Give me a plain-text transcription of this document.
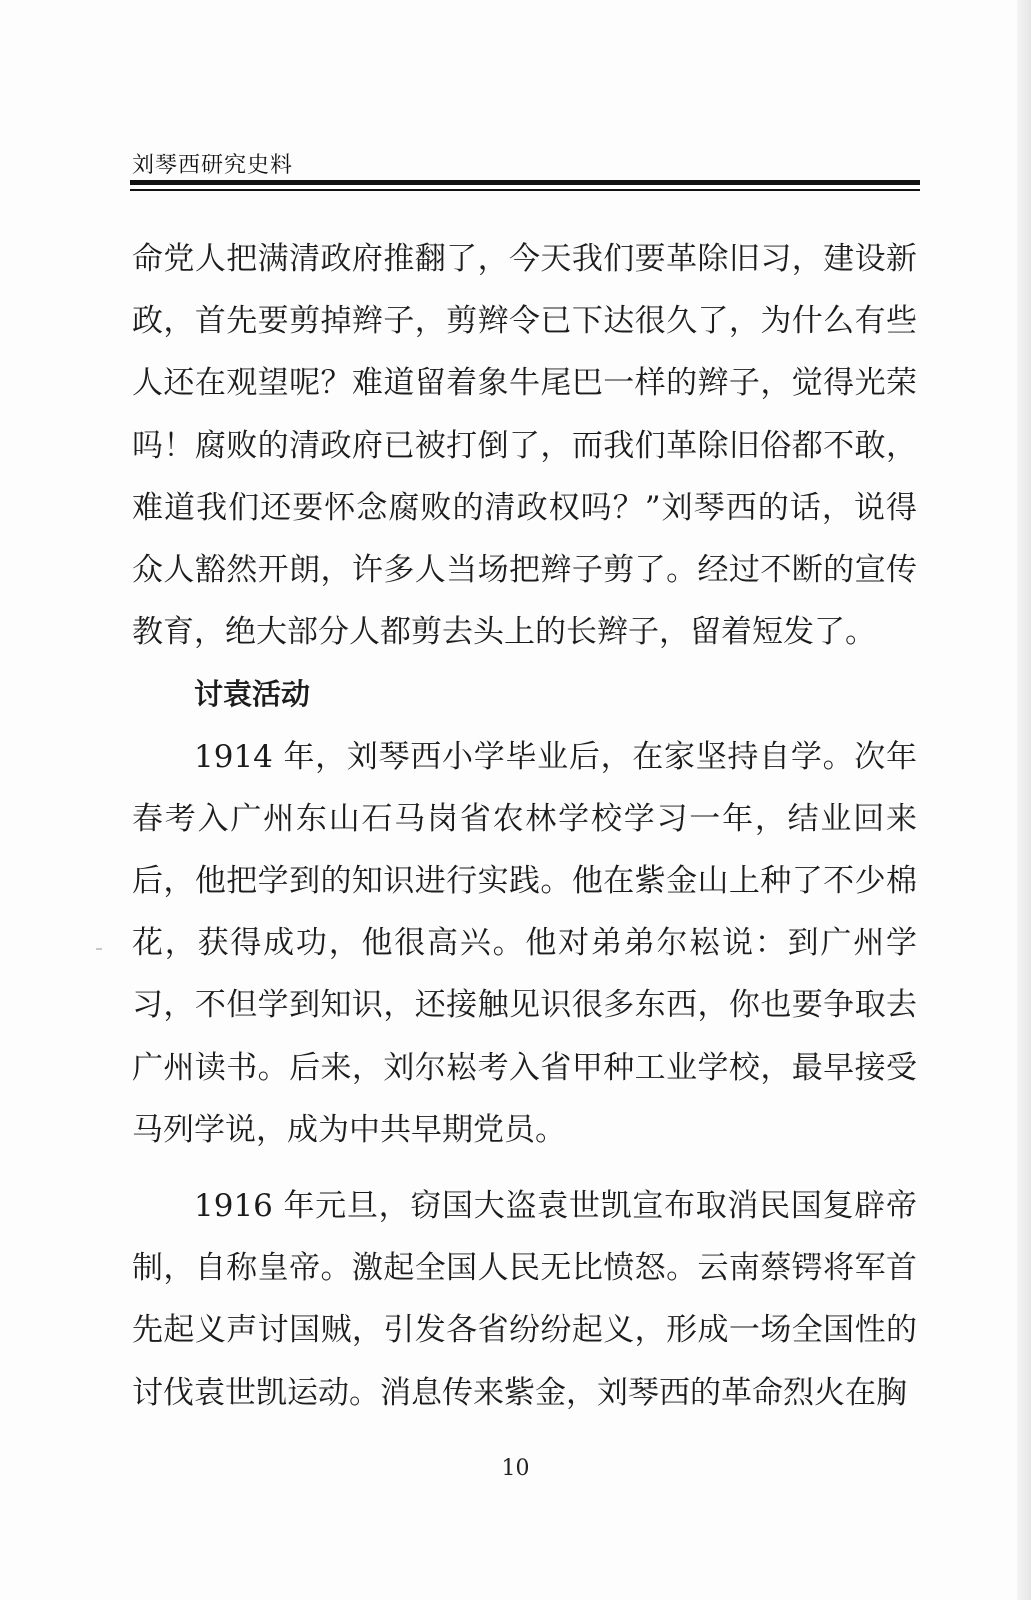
刘琴西研究史料

命党人把满清政府推翻了，今天我们要革除旧习，建设新政，首先要剪掉辫子，剪辫令已下达很久了，为什么有些人还在观望呢？难道留着象牛尾巴一样的辫子，觉得光荣吗！腐败的清政府已被打倒了，而我们革除旧俗都不敢，难道我们还要怀念腐败的清政权吗？”刘琴西的话，说得众人豁然开朗，许多人当场把辫子剪了。经过不断的宣传教育，绝大部分人都剪去头上的长辫子，留着短发了。

讨袁活动

1914 年，刘琴西小学毕业后，在家坚持自学。次年春考入广州东山石马岗省农林学校学习一年，结业回来后，他把学到的知识进行实践。他在紫金山上种了不少棉花，获得成功，他很高兴。他对弟弟尔崧说：到广州学习，不但学到知识，还接触见识很多东西，你也要争取去广州读书。后来，刘尔崧考入省甲种工业学校，最早接受马列学说，成为中共早期党员。

1916 年元旦，窃国大盗袁世凯宣布取消民国复辟帝制，自称皇帝。激起全国人民无比愤怒。云南蔡锷将军首先起义声讨国贼，引发各省纷纷起义，形成一场全国性的讨伐袁世凯运动。消息传来紫金，刘琴西的革命烈火在胸

10
